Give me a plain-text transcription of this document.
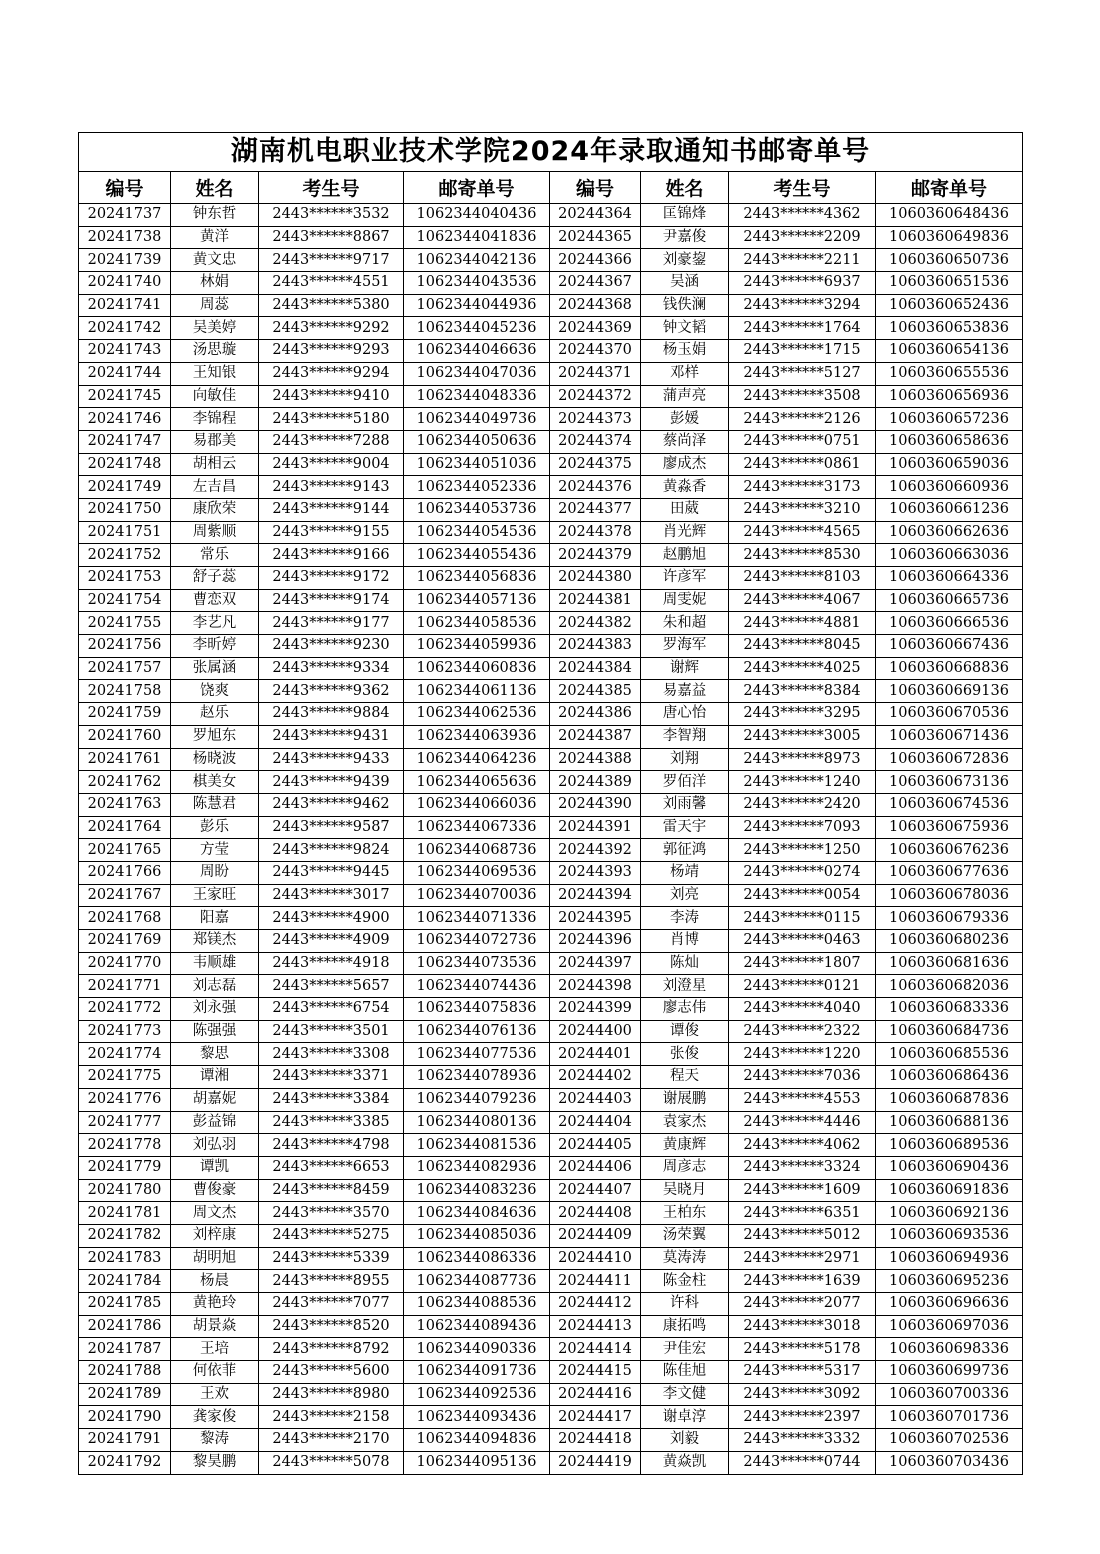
湖南机电职业技术学院2024年录取通知书邮寄单号
编号	姓名	考生号	邮寄单号	编号	姓名	考生号	邮寄单号
20241737	钟东哲	2443******3532	1062344040436	20244364	匡锦烽	2443******4362	1060360648436
20241738	黄洋	2443******8867	1062344041836	20244365	尹嘉俊	2443******2209	1060360649836
20241739	黄文忠	2443******9717	1062344042136	20244366	刘豪鋆	2443******2211	1060360650736
20241740	林娟	2443******4551	1062344043536	20244367	吴涵	2443******6937	1060360651536
20241741	周蕊	2443******5380	1062344044936	20244368	钱佚澜	2443******3294	1060360652436
20241742	吴美婷	2443******9292	1062344045236	20244369	钟文韬	2443******1764	1060360653836
20241743	汤思璇	2443******9293	1062344046636	20244370	杨玉娟	2443******1715	1060360654136
20241744	王知银	2443******9294	1062344047036	20244371	邓样	2443******5127	1060360655536
20241745	向敏佳	2443******9410	1062344048336	20244372	蒲声亮	2443******3508	1060360656936
20241746	李锦程	2443******5180	1062344049736	20244373	彭媛	2443******2126	1060360657236
20241747	易郡美	2443******7288	1062344050636	20244374	蔡尚泽	2443******0751	1060360658636
20241748	胡相云	2443******9004	1062344051036	20244375	廖成杰	2443******0861	1060360659036
20241749	左吉昌	2443******9143	1062344052336	20244376	黄淼香	2443******3173	1060360660936
20241750	康欣荣	2443******9144	1062344053736	20244377	田葳	2443******3210	1060360661236
20241751	周紫顺	2443******9155	1062344054536	20244378	肖光辉	2443******4565	1060360662636
20241752	常乐	2443******9166	1062344055436	20244379	赵鹏旭	2443******8530	1060360663036
20241753	舒子蕊	2443******9172	1062344056836	20244380	许彦军	2443******8103	1060360664336
20241754	曹恋双	2443******9174	1062344057136	20244381	周雯妮	2443******4067	1060360665736
20241755	李艺凡	2443******9177	1062344058536	20244382	朱和超	2443******4881	1060360666536
20241756	李昕婷	2443******9230	1062344059936	20244383	罗海军	2443******8045	1060360667436
20241757	张属涵	2443******9334	1062344060836	20244384	谢辉	2443******4025	1060360668836
20241758	饶爽	2443******9362	1062344061136	20244385	易嘉益	2443******8384	1060360669136
20241759	赵乐	2443******9884	1062344062536	20244386	唐心怡	2443******3295	1060360670536
20241760	罗旭东	2443******9431	1062344063936	20244387	李智翔	2443******3005	1060360671436
20241761	杨晓波	2443******9433	1062344064236	20244388	刘翔	2443******8973	1060360672836
20241762	棋美女	2443******9439	1062344065636	20244389	罗佰洋	2443******1240	1060360673136
20241763	陈慧君	2443******9462	1062344066036	20244390	刘雨馨	2443******2420	1060360674536
20241764	彭乐	2443******9587	1062344067336	20244391	雷天宇	2443******7093	1060360675936
20241765	方莹	2443******9824	1062344068736	20244392	郭征鸿	2443******1250	1060360676236
20241766	周盼	2443******9445	1062344069536	20244393	杨靖	2443******0274	1060360677636
20241767	王家旺	2443******3017	1062344070036	20244394	刘亮	2443******0054	1060360678036
20241768	阳嘉	2443******4900	1062344071336	20244395	李涛	2443******0115	1060360679336
20241769	郑镁杰	2443******4909	1062344072736	20244396	肖博	2443******0463	1060360680236
20241770	韦顺雄	2443******4918	1062344073536	20244397	陈灿	2443******1807	1060360681636
20241771	刘志磊	2443******5657	1062344074436	20244398	刘澄星	2443******0121	1060360682036
20241772	刘永强	2443******6754	1062344075836	20244399	廖志伟	2443******4040	1060360683336
20241773	陈强强	2443******3501	1062344076136	20244400	谭俊	2443******2322	1060360684736
20241774	黎思	2443******3308	1062344077536	20244401	张俊	2443******1220	1060360685536
20241775	谭湘	2443******3371	1062344078936	20244402	程天	2443******7036	1060360686436
20241776	胡嘉妮	2443******3384	1062344079236	20244403	谢展鹏	2443******4553	1060360687836
20241777	彭益锦	2443******3385	1062344080136	20244404	袁家杰	2443******4446	1060360688136
20241778	刘弘羽	2443******4798	1062344081536	20244405	黄康辉	2443******4062	1060360689536
20241779	谭凯	2443******6653	1062344082936	20244406	周彦志	2443******3324	1060360690436
20241780	曹俊豪	2443******8459	1062344083236	20244407	吴晓月	2443******1609	1060360691836
20241781	周文杰	2443******3570	1062344084636	20244408	王柏东	2443******6351	1060360692136
20241782	刘梓康	2443******5275	1062344085036	20244409	汤荣翼	2443******5012	1060360693536
20241783	胡明旭	2443******5339	1062344086336	20244410	莫涛涛	2443******2971	1060360694936
20241784	杨晨	2443******8955	1062344087736	20244411	陈金柱	2443******1639	1060360695236
20241785	黄艳玲	2443******7077	1062344088536	20244412	许科	2443******2077	1060360696636
20241786	胡景焱	2443******8520	1062344089436	20244413	康拓鸣	2443******3018	1060360697036
20241787	王培	2443******8792	1062344090336	20244414	尹佳宏	2443******5178	1060360698336
20241788	何依菲	2443******5600	1062344091736	20244415	陈佳旭	2443******5317	1060360699736
20241789	王欢	2443******8980	1062344092536	20244416	李文健	2443******3092	1060360700336
20241790	龚家俊	2443******2158	1062344093436	20244417	谢卓淳	2443******2397	1060360701736
20241791	黎涛	2443******2170	1062344094836	20244418	刘毅	2443******3332	1060360702536
20241792	黎昊鹏	2443******5078	1062344095136	20244419	黄焱凯	2443******0744	1060360703436
